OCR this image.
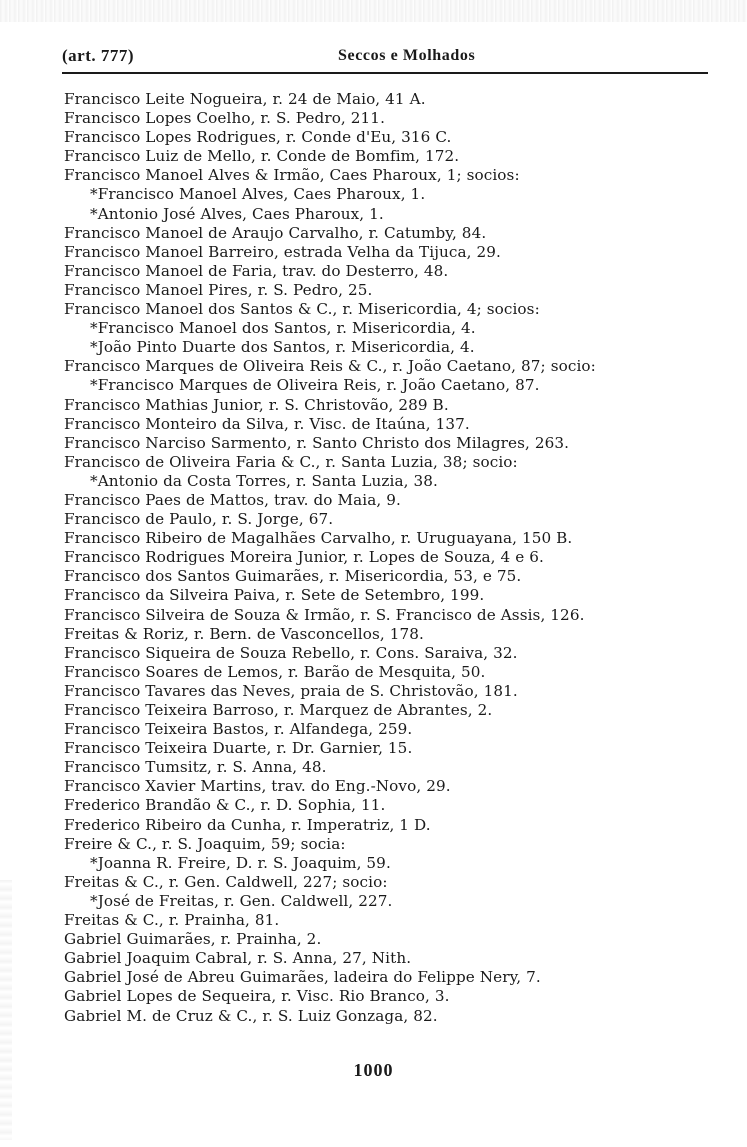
(art. 777)	Seccos e Molhados
Francisco Leite Nogueira, r. 24 de Maio, 41 A.
Francisco Lopes Coelho, r. S. Pedro, 211.
Francisco Lopes Rodrigues, r. Conde d'Eu, 316 C.
Francisco Luiz de Mello, r. Conde de Bomfim, 172.
Francisco Manoel Alves & Irmão, Caes Pharoux, 1; socios:
*Francisco Manoel Alves, Caes Pharoux, 1.
*Antonio José Alves, Caes Pharoux, 1.
Francisco Manoel de Araujo Carvalho, r. Catumby, 84.
Francisco Manoel Barreiro, estrada Velha da Tijuca, 29.
Francisco Manoel de Faria, trav. do Desterro, 48.
Francisco Manoel Pires, r. S. Pedro, 25.
Francisco Manoel dos Santos & C., r. Misericordia, 4; socios:
*Francisco Manoel dos Santos, r. Misericordia, 4.
*João Pinto Duarte dos Santos, r. Misericordia, 4.
Francisco Marques de Oliveira Reis & C., r. João Caetano, 87; socio:
*Francisco Marques de Oliveira Reis, r. João Caetano, 87.
Francisco Mathias Junior, r. S. Christovão, 289 B.
Francisco Monteiro da Silva, r. Visc. de Itaúna, 137.
Francisco Narciso Sarmento, r. Santo Christo dos Milagres, 263.
Francisco de Oliveira Faria & C., r. Santa Luzia, 38; socio:
*Antonio da Costa Torres, r. Santa Luzia, 38.
Francisco Paes de Mattos, trav. do Maia, 9.
Francisco de Paulo, r. S. Jorge, 67.
Francisco Ribeiro de Magalhães Carvalho, r. Uruguayana, 150 B.
Francisco Rodrigues Moreira Junior, r. Lopes de Souza, 4 e 6.
Francisco dos Santos Guimarães, r. Misericordia, 53, e 75.
Francisco da Silveira Paiva, r. Sete de Setembro, 199.
Francisco Silveira de Souza & Irmão, r. S. Francisco de Assis, 126.
Freitas & Roriz, r. Bern. de Vasconcellos, 178.
Francisco Siqueira de Souza Rebello, r. Cons. Saraiva, 32.
Francisco Soares de Lemos, r. Barão de Mesquita, 50.
Francisco Tavares das Neves, praia de S. Christovão, 181.
Francisco Teixeira Barroso, r. Marquez de Abrantes, 2.
Francisco Teixeira Bastos, r. Alfandega, 259.
Francisco Teixeira Duarte, r. Dr. Garnier, 15.
Francisco Tumsitz, r. S. Anna, 48.
Francisco Xavier Martins, trav. do Eng.-Novo, 29.
Frederico Brandão & C., r. D. Sophia, 11.
Frederico Ribeiro da Cunha, r. Imperatriz, 1 D.
Freire & C., r. S. Joaquim, 59; socia:
*Joanna R. Freire, D. r. S. Joaquim, 59.
Freitas & C., r. Gen. Caldwell, 227; socio:
*José de Freitas, r. Gen. Caldwell, 227.
Freitas & C., r. Prainha, 81.
Gabriel Guimarães, r. Prainha, 2.
Gabriel Joaquim Cabral, r. S. Anna, 27, Nith.
Gabriel José de Abreu Guimarães, ladeira do Felippe Nery, 7.
Gabriel Lopes de Sequeira, r. Visc. Rio Branco, 3.
Gabriel M. de Cruz & C., r. S. Luiz Gonzaga, 82.
1000
